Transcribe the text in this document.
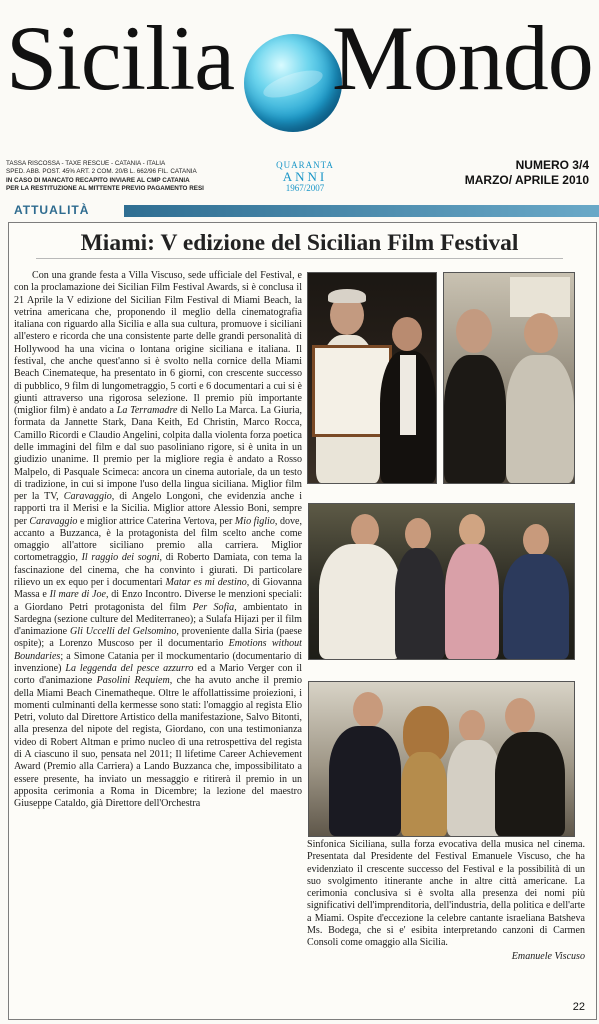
Sicilia Mondo
TASSA RISCOSSA - TAXE RESCUE - CATANIA - ITALIA
SPED. ABB. POST. 45% ART. 2 COM. 20/B L. 662/96 FIL. CATANIA
IN CASO DI MANCATO RECAPITO INVIARE AL CMP CATANIA
PER LA RESTITUZIONE AL MITTENTE PREVIO PAGAMENTO RESI
QUARANTA
ANNI
1967/2007
NUMERO 3/4
MARZO/ APRILE 2010
ATTUALITÀ
Miami: V edizione del Sicilian Film Festival

Con una grande festa a Villa Viscuso, sede ufficiale del Festival, e con la proclamazione dei Sicilian Film Festival Awards, si è conclusa il 21 Aprile la V edizione del Sicilian Film Festival di Miami Beach, la vetrina americana che, proponendo il meglio della cinematografia italiana con riguardo alla Sicilia e alla sua cultura, promuove i siciliani all'estero e ricorda che una consistente parte delle grandi personalità di Hollywood ha una vicina o lontana origine siciliana e italiana. Il festival, che anche quest'anno si è svolto nella cornice della Miami Beach Cinemateque, ha presentato in 6 giorni, con crescente successo di pubblico, 9 film di lungometraggio, 5 corti e 6 documentari a cui si è giunti attraverso una rigorosa selezione. Il premio più importante (miglior film) è andato a La Terramadre di Nello La Marca. La Giuria, formata da Jannette Stark, Dana Keith, Ed Christin, Marco Rocca, Camillo Ricordi e Claudio Angelini, colpita dalla violenta forza poetica delle immagini del film e dal suo pasoliniano rigore, si è unita in un giudizio unanime. Il premio per la migliore regia è andato a Rosso Malpelo, di Pasquale Scimeca: ancora un cinema autoriale, da un testo di tradizione, in cui si impone l'uso della lingua siciliana. Miglior film per la TV, Caravaggio, di Angelo Longoni, che evidenzia anche i rapporti tra il Merisi e la Sicilia. Miglior attore Alessio Boni, sempre per Caravaggio e miglior attrice Caterina Vertova, per Mio figlio, dove, accanto a Buzzanca, è la protagonista del film scelto anche come omaggio all'attore siciliano premio alla carriera. Miglior cortometraggio, Il raggio dei sogni, di Roberto Damiata, con tema la fascinazione del cinema, che ha convinto i giurati. Di particolare rilievo un ex equo per i documentari Matar es mi destino, di Giovanna Massa e Il mare di Joe, di Enzo Incontro. Diverse le menzioni speciali: a Giordano Petri protagonista del film Per Sofia, ambientato in Sardegna (sezione culture del Mediterraneo); a Sulafa Hijazi per il film d'animazione Gli Uccelli del Gelsomino, proveniente dalla Siria (paese ospite); a Lorenzo Muscoso per il documentario Emotions without Boundaries; a Simone Catania per il mockumentario (documentario di invenzione) La leggenda del pesce azzurro ed a Mario Verger con il corto d'animazione Pasolini Requiem, che ha avuto anche il premio della Miami Beach Cinematheque. Oltre le affollattissime proiezioni, i momenti culminanti della kermesse sono stati: l'omaggio al regista Elio Petri, voluto dal Direttore Artistico della manifestazione, Salvo Bitonti, alla presenza del nipote del regista, Giordano, con una testimonianza video di Robert Altman e primo nucleo di una retrospettiva del regista di A ciascuno il suo, pensata nel 2011; Il lifetime Career Achievement Award (Premio alla Carriera) a Lando Buzzanca che, impossibilitato a essere presente, ha inviato un messaggio e ritirerà il premio in un apposita cerimonia a Roma in Dicembre; la lezione del maestro Giuseppe Cataldo, già Direttore dell'Orchestra

Sinfonica Siciliana, sulla forza evocativa della musica nel cinema. Presentata dal Presidente del Festival Emanuele Viscuso, che ha evidenziato il crescente successo del Festival e la possibilità di un suo svolgimento itinerante anche in altre città americane. La cerimonia conclusiva si è svolta alla presenza dei nomi più significativi dell'imprenditoria, dell'industria, della politica e dell'arte a Miami. Ospite d'eccezione la celebre cantante israeliana Batsheva Ms. Bodega, che si e' esibita interpretando canzoni di Carmen Consoli come omaggio alla Sicilia.

Emanuele Viscuso
22
